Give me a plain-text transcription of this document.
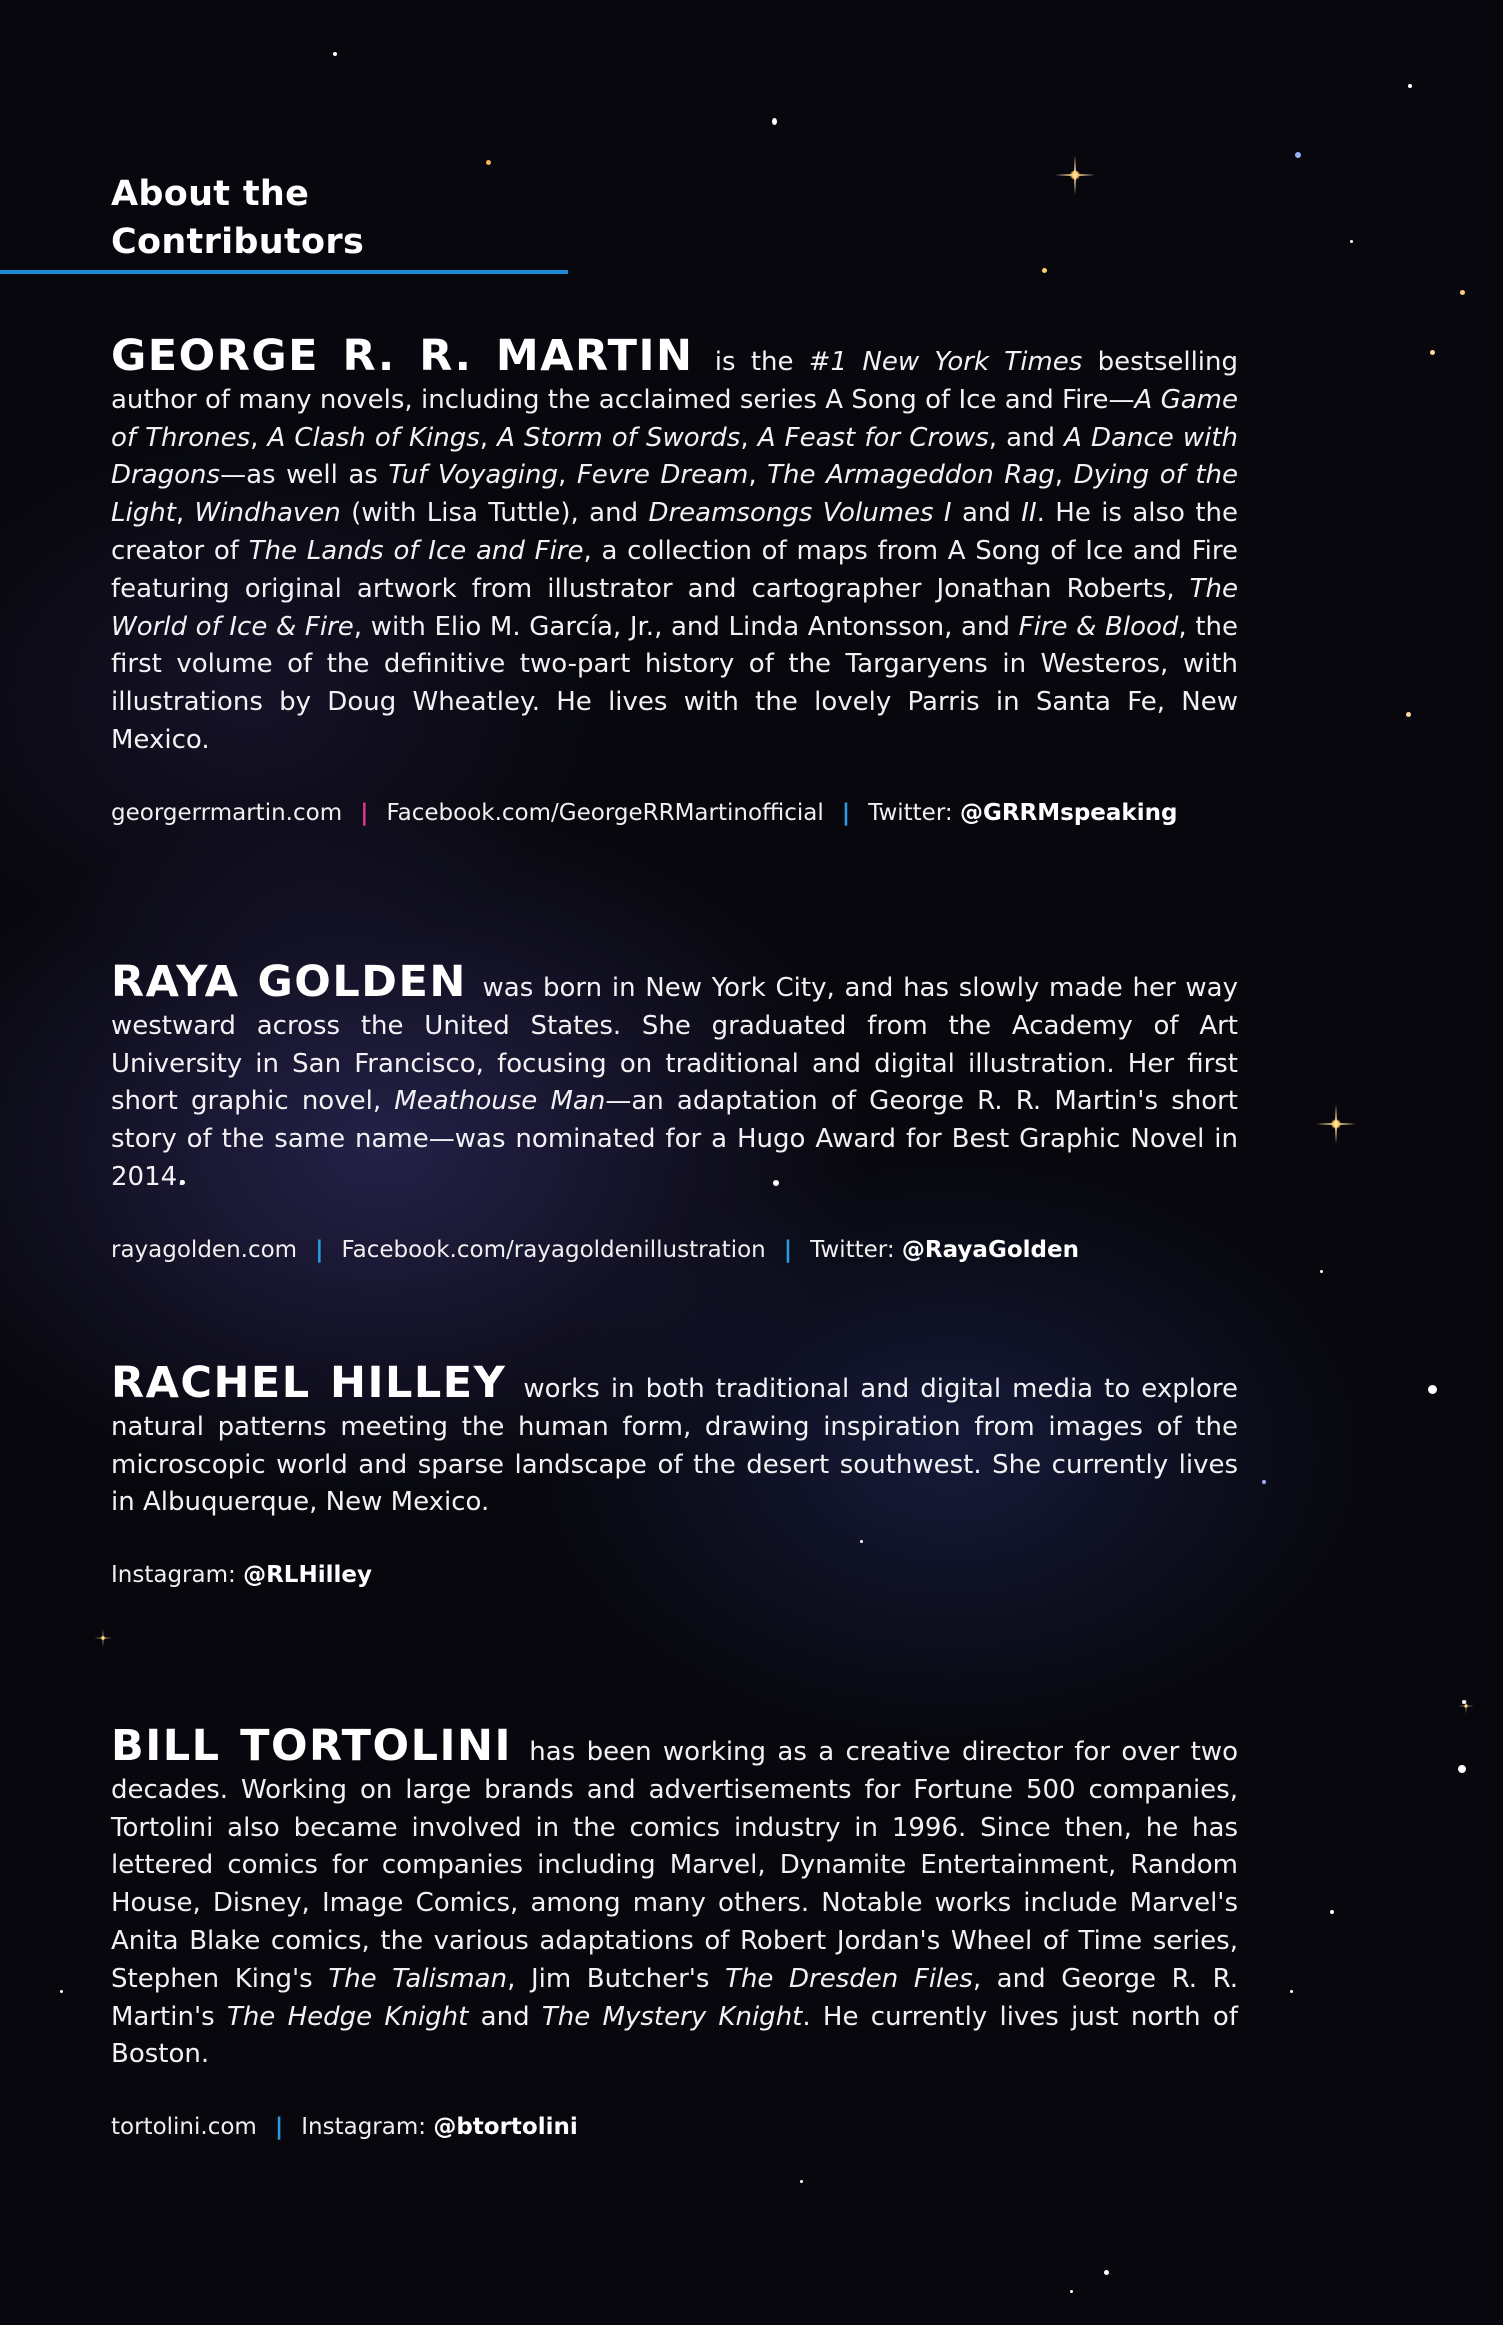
About the Contributors

GEORGE R. R. MARTIN is the #1 New York Times bestselling author of many novels, including the acclaimed series A Song of Ice and Fire—A Game of Thrones, A Clash of Kings, A Storm of Swords, A Feast for Crows, and A Dance with Dragons—as well as Tuf Voyaging, Fevre Dream, The Armageddon Rag, Dying of the Light, Windhaven (with Lisa Tuttle), and Dreamsongs Volumes I and II. He is also the creator of The Lands of Ice and Fire, a collection of maps from A Song of Ice and Fire featuring original artwork from illustrator and cartographer Jonathan Roberts, The World of Ice & Fire, with Elio M. García, Jr., and Linda Antonsson, and Fire & Blood, the first volume of the definitive two-part history of the Targaryens in Westeros, with illustrations by Doug Wheatley. He lives with the lovely Parris in Santa Fe, New Mexico.

georgerrmartin.com | Facebook.com/GeorgeRRMartinofficial | Twitter: @GRRMspeaking

RAYA GOLDEN was born in New York City, and has slowly made her way westward across the United States. She graduated from the Academy of Art University in San Francisco, focusing on traditional and digital illustration. Her first short graphic novel, Meathouse Man—an adaptation of George R. R. Martin's short story of the same name—was nominated for a Hugo Award for Best Graphic Novel in 2014.

rayagolden.com | Facebook.com/rayagoldenillustration | Twitter: @RayaGolden

RACHEL HILLEY works in both traditional and digital media to explore natural patterns meeting the human form, drawing inspiration from images of the microscopic world and sparse landscape of the desert southwest. She currently lives in Albuquerque, New Mexico.

Instagram: @RLHilley

BILL TORTOLINI has been working as a creative director for over two decades. Working on large brands and advertisements for Fortune 500 companies, Tortolini also became involved in the comics industry in 1996. Since then, he has lettered comics for companies including Marvel, Dynamite Entertainment, Random House, Disney, Image Comics, among many others. Notable works include Marvel's Anita Blake comics, the various adaptations of Robert Jordan's Wheel of Time series, Stephen King's The Talisman, Jim Butcher's The Dresden Files, and George R. R. Martin's The Hedge Knight and The Mystery Knight. He currently lives just north of Boston.

tortolini.com | Instagram: @btortolini
